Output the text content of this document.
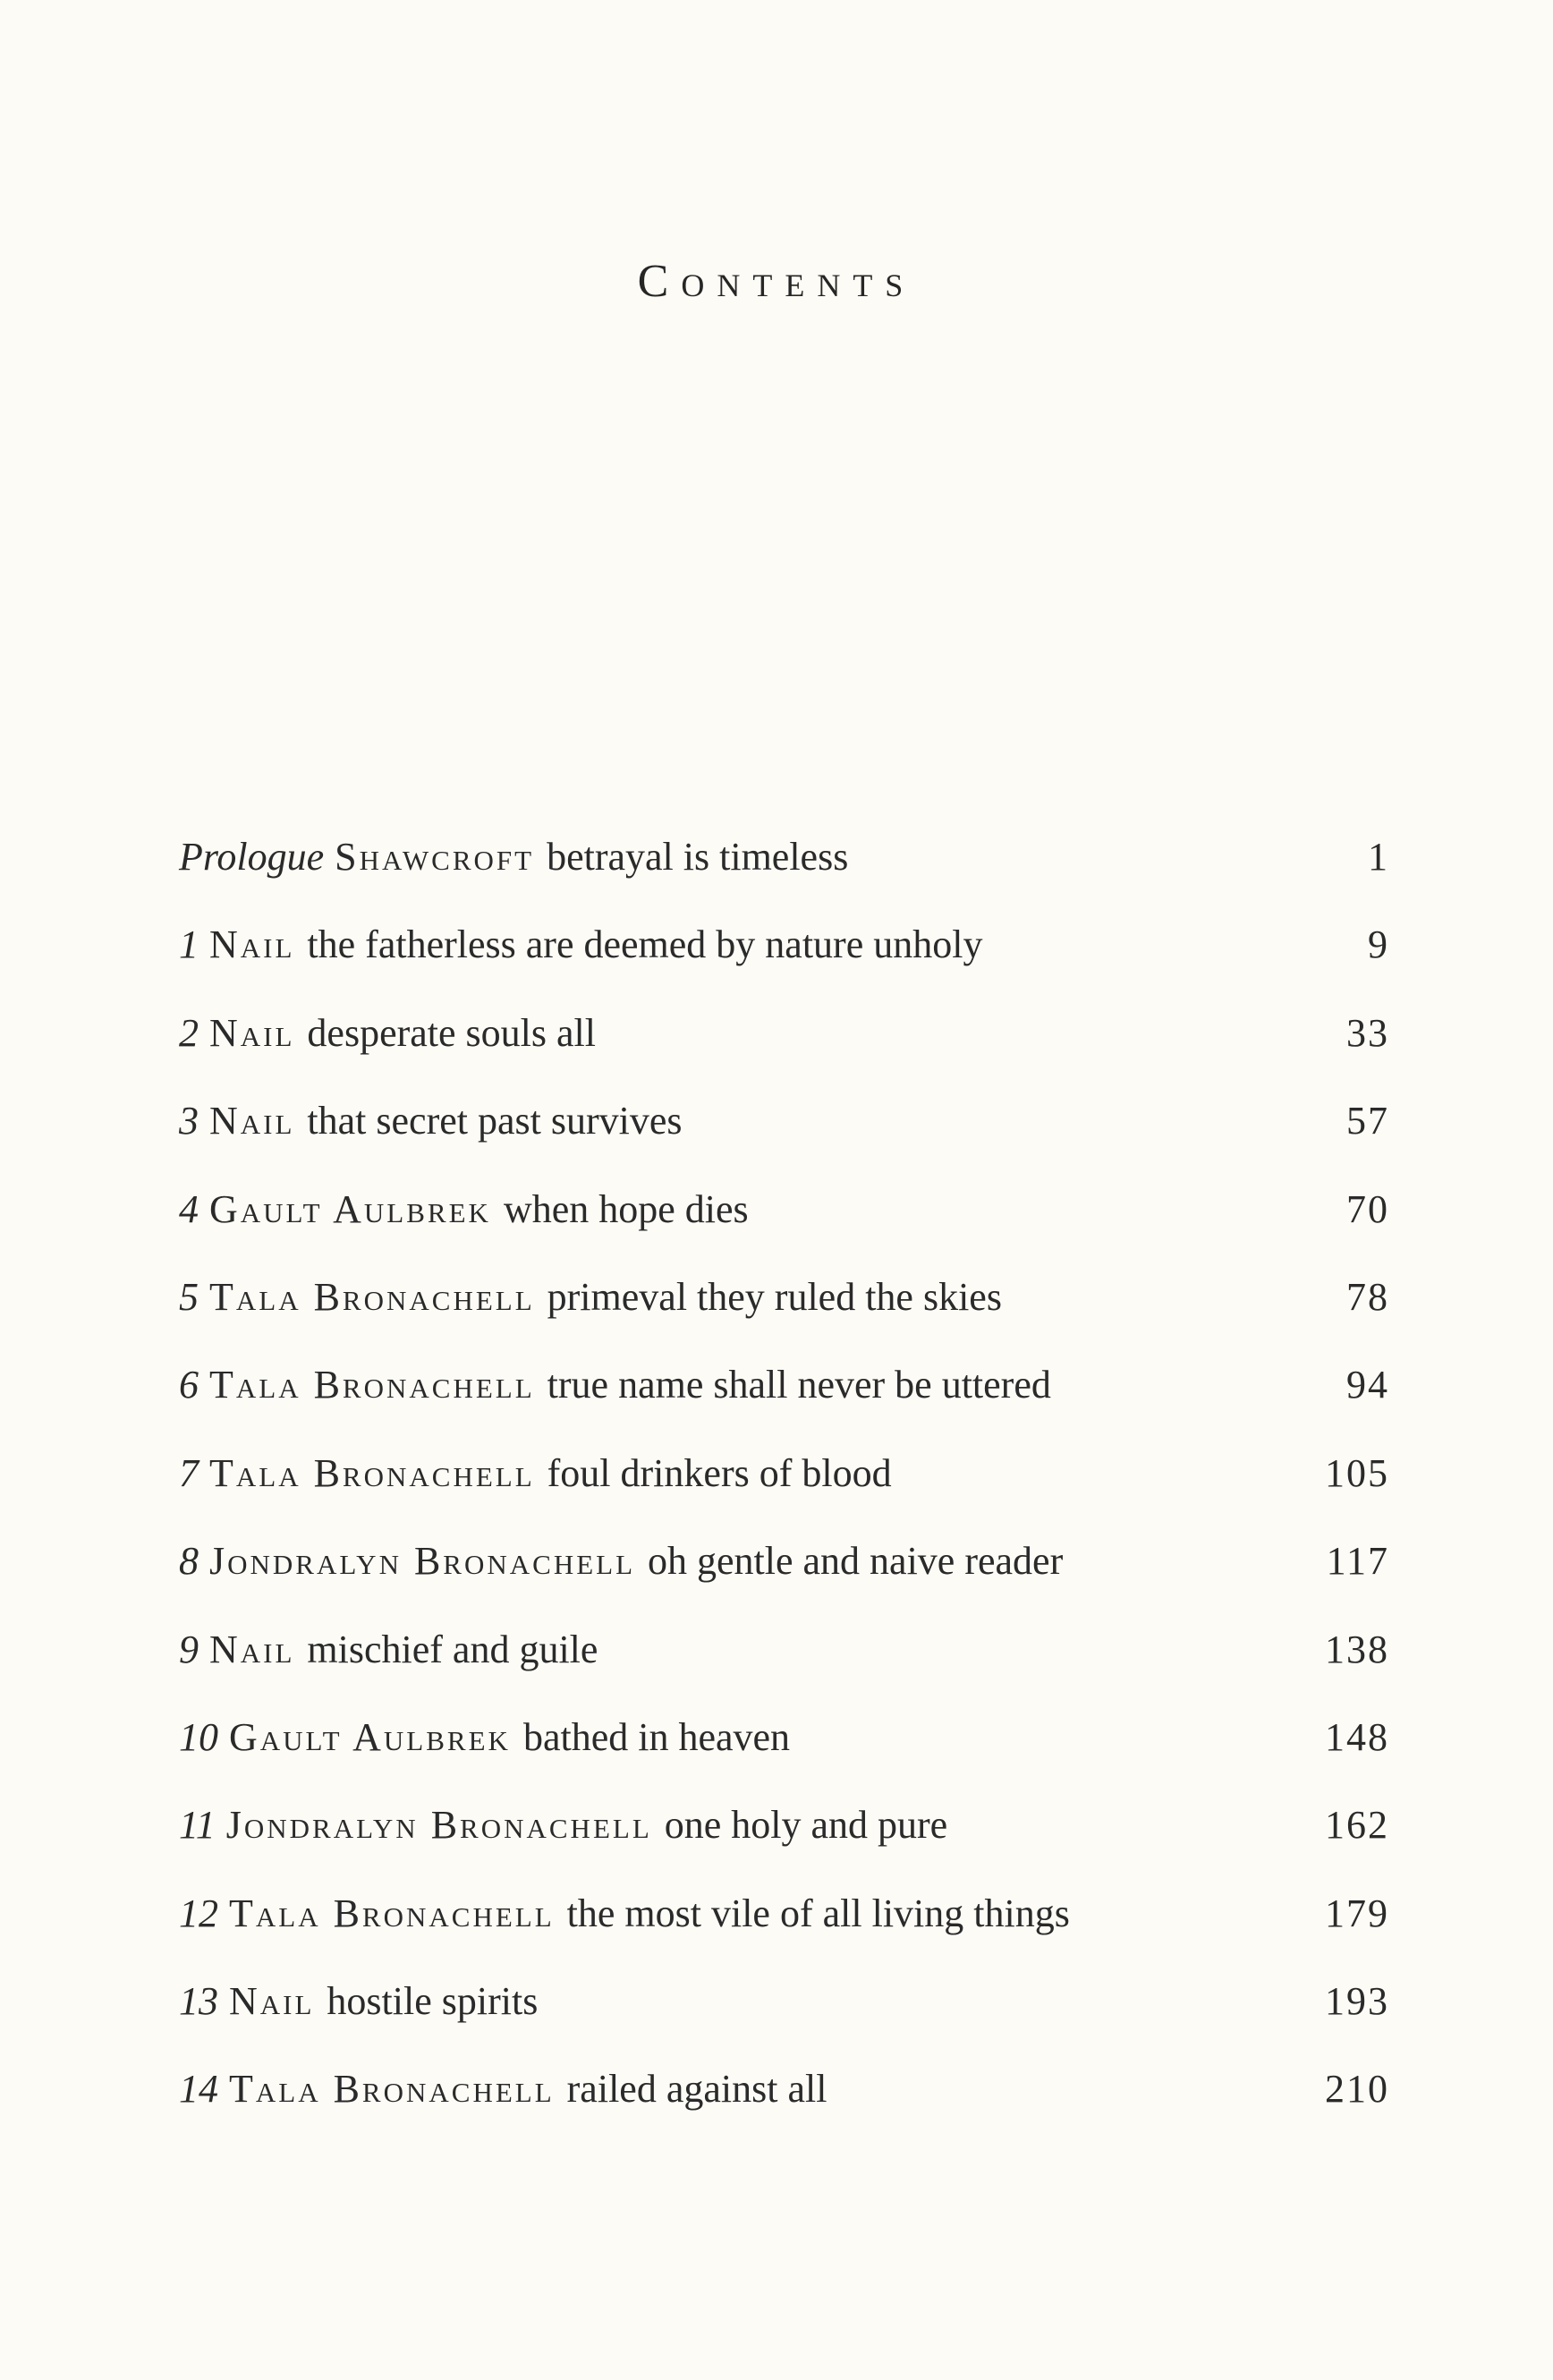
Contents
Prologue Shawcroft betrayal is timeless	1
1 Nail the fatherless are deemed by nature unholy	9
2 Nail desperate souls all	33
3 Nail that secret past survives	57
4 Gault Aulbrek when hope dies	70
5 Tala Bronachell primeval they ruled the skies	78
6 Tala Bronachell true name shall never be uttered	94
7 Tala Bronachell foul drinkers of blood	105
8 Jondralyn Bronachell oh gentle and naive reader	117
9 Nail mischief and guile	138
10 Gault Aulbrek bathed in heaven	148
11 Jondralyn Bronachell one holy and pure	162
12 Tala Bronachell the most vile of all living things	179
13 Nail hostile spirits	193
14 Tala Bronachell railed against all	210
